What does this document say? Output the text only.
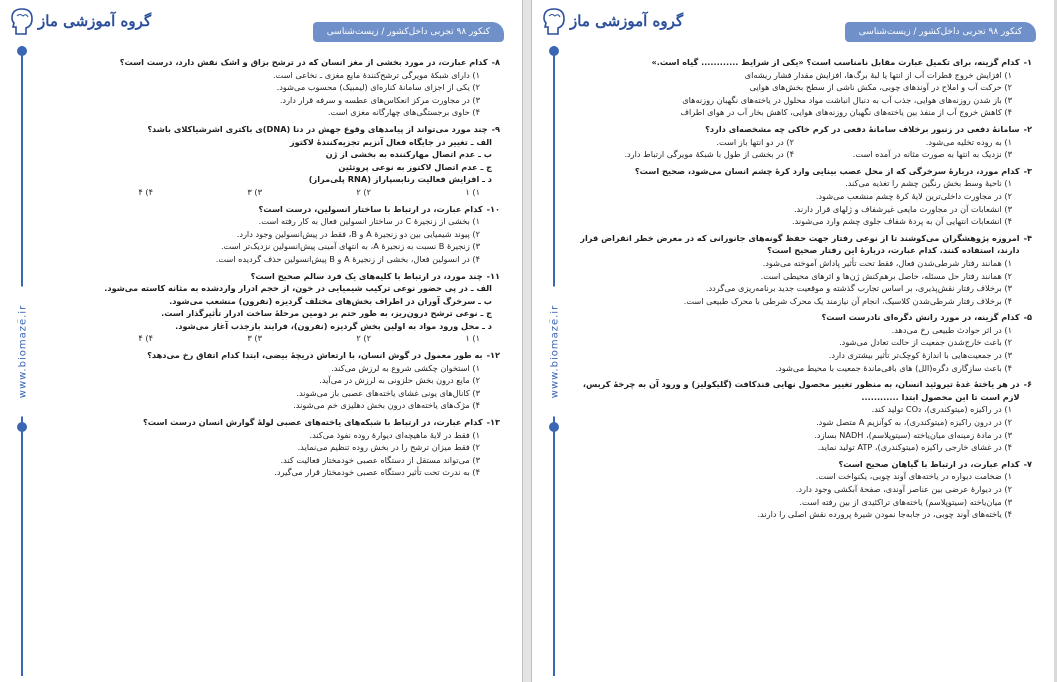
گروه آموزشی ماز
کنکور ۹۸ تجربی داخل‌کشور / زیست‌شناسی
www.biomaze.ir
۸-
کدام عبارت، در مورد بخشی از مغز انسان که در ترشح بزاق و اشک نقش دارد، درست است؟
۱) دارای شبکهٔ مویرگی ترشح‌کنندهٔ مایع مغزی ـ نخاعی است.
۲) یکی از اجزای سامانهٔ کناره‌ای (لیمبیک) محسوب می‌شود.
۳) در مجاورت مرکز انعکاس‌های عطسه و سرفه قرار دارد.
۴) حاوی برجستگی‌های چهارگانه مغزی است.
۹-
چند مورد می‌تواند از پیامدهای وقوع جهش در دنا (DNA)ی باکتری اشرشیاکلای باشد؟
الف ـ تغییر در جایگاه فعال آنزیم تجزیه‌کنندهٔ لاکتوز
ب ـ عدم اتصال مهارکننده به بخشی از ژن
ج ـ عدم اتصال لاکتوز به نوعی پروتئین
د ـ افزایش فعالیت رنابسپاراز (RNA پلی‌مراز)
۱) ۱
۲) ۲
۳) ۳
۴) ۴
۱۰-
کدام عبارت، در ارتباط با ساختار انسولین، درست است؟
۱) بخشی از زنجیرهٔ C در ساختار انسولین فعال به کار رفته است.
۲) پیوند شیمیایی بین دو زنجیرهٔ A و B، فقط در پیش‌انسولین وجود دارد.
۳) زنجیرهٔ B نسبت به زنجیرهٔ A، به انتهای آمینی پیش‌انسولین نزدیک‌تر است.
۴) در انسولین فعال، بخشی از زنجیرهٔ A و B پیش‌انسولین حذف گردیده است.
۱۱-
چند مورد، در ارتباط با کلیه‌های یک فرد سالم صحیح است؟
الف ـ در پی حضور نوعی ترکیب شیمیایی در خون، از حجم ادرار واردشده به مثانه کاسته می‌شود.
ب ـ سرخرگ آوران در اطراف بخش‌های مختلف گردیزه (نفرون) منشعب می‌شود.
ج ـ نوعی ترشح درون‌ریز، به طور حتم بر دومین مرحلهٔ ساخت ادرار تأثیرگذار است.
د ـ محل ورود مواد به اولین بخش گردیزه (نفرون)، فرایند بازجذب آغاز می‌شود.
۱) ۱
۲) ۲
۳) ۳
۴) ۴
۱۲-
به طور معمول در گوش انسان، با ارتعاش دریچهٔ بیضی، ابتدا کدام اتفاق رخ می‌دهد؟
۱) استخوان چکشی شروع به لرزش می‌کند.
۲) مایع درون بخش حلزونی به لرزش در می‌آید.
۳) کانال‌های یونی غشای یاخته‌های عصبی باز می‌شوند.
۴) مژک‌های یاخته‌های درون بخش دهلیزی خم می‌شوند.
۱۳-
کدام عبارت، در ارتباط با شبکه‌های یاخته‌های عصبی لولهٔ گوارش انسان درست است؟
۱) فقط در لایهٔ ماهیچه‌ای دیوارهٔ روده نفوذ می‌کند.
۲) فقط میزان ترشح را در بخش روده تنظیم می‌نماید.
۳) می‌تواند مستقل از دستگاه عصبی خودمختار فعالیت کند.
۴) به ندرت تحت تأثیر دستگاه عصبی خودمختار قرار می‌گیرد.
گروه آموزشی ماز
کنکور ۹۸ تجربی داخل‌کشور / زیست‌شناسی
www.biomaze.ir
۱-
کدام گزینه، برای تکمیل عبارت مقابل نامناسب است؟ «یکی از شرایط ............ گیاه است.»
۱) افزایش خروج قطرات آب از انتها یا لبهٔ برگ‌ها، افزایش مقدار فشار ریشه‌ای
۲) حرکت آب و املاح در آوندهای چوبی، مکش ناشی از سطح بخش‌های هوایی
۳) باز شدن روزنه‌های هوایی، جذب آب به دنبال انباشت مواد محلول در یاخته‌های نگهبان روزنه‌های
۴) کاهش خروج آب از منفذ بین یاخته‌های نگهبان روزنه‌های هوایی، کاهش بخار آب در هوای اطراف
۲-
سامانهٔ دفعی در زنبور برخلاف سامانهٔ دفعی در کرم خاکی چه مشخصه‌ای دارد؟
۱) به روده تخلیه می‌شود.
۲) در دو انتها باز است.
۳) نزدیک به انتها به صورت مثانه در آمده است.
۴) در بخشی از طول با شبکهٔ مویرگی ارتباط دارد.
۳-
کدام مورد، دربارهٔ سرخرگی که از محل عصب بینایی وارد کرهٔ چشم انسان می‌شود، صحیح است؟
۱) ناحیهٔ وسط بخش رنگین چشم را تغذیه می‌کند.
۲) در مجاورت داخلی‌ترین لایهٔ کرهٔ چشم منشعب می‌شود.
۳) انشعابات آن در مجاورت مایعی غیرشفاف و ژلهای قرار دارند.
۴) انشعابات انتهایی آن به پردهٔ شفاف جلوی چشم وارد می‌شوند.
۴-
امروزه پژوهشگران می‌کوشند تا از نوعی رفتار جهت حفظ گونه‌های جانورانی که در معرض خطر انقراض قرار دارند، استفاده کنند. کدام عبارت، دربارهٔ این رفتار صحیح است؟
۱) همانند رفتار شرطی‌شدن فعال، فقط تحت تأثیر پاداش آموخته می‌شود.
۲) همانند رفتار حل مسئله، حاصل برهم‌کنش ژن‌ها و اثرهای محیطی است.
۳) برخلاف رفتار نقش‌پذیری، بر اساس تجارب گذشته و موقعیت جدید برنامه‌ریزی می‌گردد.
۴) برخلاف رفتار شرطی‌شدن کلاسیک، انجام آن نیازمند یک محرک شرطی با محرک طبیعی است.
۵-
کدام گزینه، در مورد رانش دگره‌ای نادرست است؟
۱) در اثر حوادث طبیعی رخ می‌دهد.
۲) باعث خارج‌شدن جمعیت از حالت تعادل می‌شود.
۳) در جمعیت‌هایی با اندازهٔ کوچک‌تر تأثیر بیشتری دارد.
۴) باعث سازگاری دگره(الل) های باقی‌ماندهٔ جمعیت با محیط می‌شود.
۶-
در هر یاختهٔ غدهٔ تیروئید انسان، به منظور تغییر محصول نهایی قندکافت (گلیکولیز) و ورود آن به چرخهٔ کربس، لازم است تا این محصول ابتدا ............
۱) در راکیزه (میتوکندری)، CO₂ تولید کند.
۲) در درون راکیزه (میتوکندری)، به کوآنزیم A متصل شود.
۳) در مادهٔ زمینه‌ای میان‌یاخته (سیتوپلاسم)، NADH بسازد.
۴) در غشای خارجی راکیزه (میتوکندری)، ATP تولید نماید.
۷-
کدام عبارت، در ارتباط با گیاهان صحیح است؟
۱) ضخامت دیواره در یاخته‌های آوند چوبی، یکنواخت است.
۲) در دیوارهٔ عرضی بین عناصر آوندی، صفحهٔ آبکشی وجود دارد.
۳) میان‌یاخته (سیتوپلاسم) یاخته‌های تراکئیدی از بین رفته است.
۴) یاخته‌های آوند چوبی، در جابه‌جا نمودن شیرهٔ پرورده نقش اصلی را دارند.
